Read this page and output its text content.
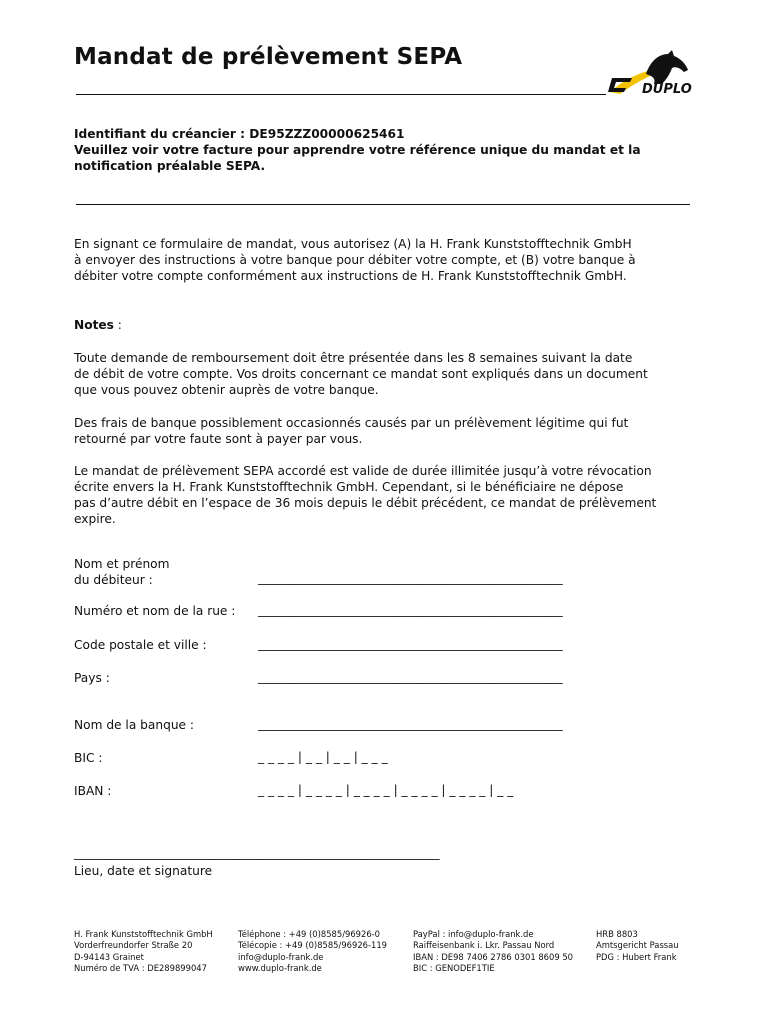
Mandat de prélèvement SEPA
DUPLO
Identifiant du créancier : DE95ZZZ00000625461
Veuillez voir votre facture pour apprendre votre référence unique du mandat et la
notification préalable SEPA.
En signant ce formulaire de mandat, vous autorisez (A) la H. Frank Kunststofftechnik GmbH
à envoyer des instructions à votre banque pour débiter votre compte, et (B) votre banque à
débiter votre compte conformément aux instructions de H. Frank Kunststofftechnik GmbH.
Notes :
Toute demande de remboursement doit être présentée dans les 8 semaines suivant la date
de débit de votre compte. Vos droits concernant ce mandat sont expliqués dans un document
que vous pouvez obtenir auprès de votre banque.
Des frais de banque possiblement occasionnés causés par un prélèvement légitime qui fut
retourné par votre faute sont à payer par vous.
Le mandat de prélèvement SEPA accordé est valide de durée illimitée jusqu’à votre révocation
écrite envers la H. Frank Kunststofftechnik GmbH. Cependant, si le bénéficiaire ne dépose
pas d’autre débit en l’espace de 36 mois depuis le débit précédent, ce mandat de prélèvement
expire.
Nom et prénom
du débiteur :	__________________________________________________
Numéro et nom de la rue : __________________________________________________
Code postale et ville :	__________________________________________________
Pays :	__________________________________________________
Nom de la banque :	__________________________________________________
BIC :	_ _ _ _ | _ _ | _ _ | _ _ _
IBAN :	_ _ _ _ | _ _ _ _ | _ _ _ _ | _ _ _ _ | _ _ _ _ | _ _
____________________________________________________________
Lieu, date et signature
H. Frank Kunststofftechnik GmbH
Vorderfreundorfer Straße 20
D-94143 Grainet
Numéro de TVA : DE289899047
Téléphone : +49 (0)8585/96926-0
Télécopie : +49 (0)8585/96926-119
info@duplo-frank.de
www.duplo-frank.de
PayPal : info@duplo-frank.de
Raiffeisenbank i. Lkr. Passau Nord
IBAN : DE98 7406 2786 0301 8609 50
BIC : GENODEF1TIE
HRB 8803
Amtsgericht Passau
PDG : Hubert Frank
